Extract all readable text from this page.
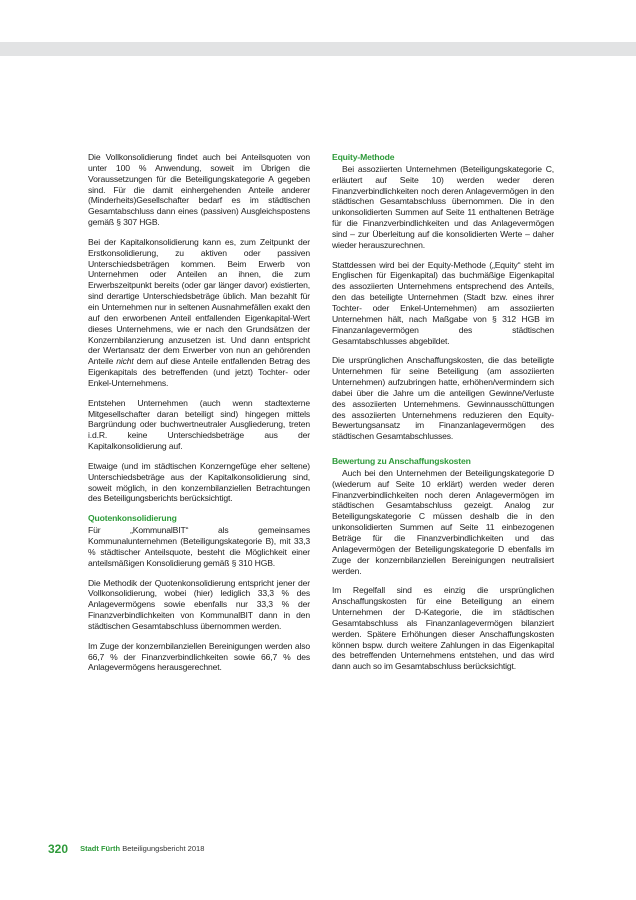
Die Vollkonsolidierung findet auch bei Anteilsquoten von unter 100 % Anwendung, soweit im Übrigen die Voraussetzungen für die Beteiligungskategorie A gegeben sind. Für die damit einhergehenden Anteile anderer (Minderheits)Gesellschafter bedarf es im städtischen Gesamtabschluss dann eines (passiven) Ausgleichspostens gemäß § 307 HGB.

Bei der Kapitalkonsolidierung kann es, zum Zeitpunkt der Erstkonsolidierung, zu aktiven oder passiven Unterschiedsbeträgen kommen. Beim Erwerb von Unternehmen oder Anteilen an ihnen, die zum Erwerbszeitpunkt bereits (oder gar länger davor) existierten, sind derartige Unterschiedsbeträge üblich. Man bezahlt für ein Unternehmen nur in seltenen Ausnahmefällen exakt den auf den erworbenen Anteil entfallenden Eigenkapital-Wert dieses Unternehmens, wie er nach den Grundsätzen der Konzernbilanzierung anzusetzen ist. Und dann entspricht der Wertansatz der dem Erwerber von nun an gehörenden Anteile nicht dem auf diese Anteile entfallenden Betrag des Eigenkapitals des betreffenden (und jetzt) Tochter- oder Enkel-Unternehmens.

Entstehen Unternehmen (auch wenn stadtexterne Mitgesellschafter daran beteiligt sind) hingegen mittels Bargründung oder buchwertneutraler Ausgliederung, treten i.d.R. keine Unterschiedsbeträge aus der Kapitalkonsolidierung auf.

Etwaige (und im städtischen Konzerngefüge eher seltene) Unterschiedsbeträge aus der Kapitalkonsolidierung sind, soweit möglich, in den konzernbilanziellen Betrachtungen des Beteiligungsberichts berücksichtigt.

Quotenkonsolidierung

Für „KommunalBIT“ als gemeinsames Kommunalunternehmen (Beteiligungskategorie B), mit 33,3 % städtischer Anteilsquote, besteht die Möglichkeit einer anteilsmäßigen Konsolidierung gemäß § 310 HGB.

Die Methodik der Quotenkonsolidierung entspricht jener der Vollkonsolidierung, wobei (hier) lediglich 33,3 % des Anlagevermögens sowie ebenfalls nur 33,3 % der Finanzverbindlichkeiten von KommunalBIT dann in den städtischen Gesamtabschluss übernommen werden.

Im Zuge der konzernbilanziellen Bereinigungen werden also 66,7 % der Finanzverbindlichkeiten sowie 66,7 % des Anlagevermögens herausgerechnet.

Equity-Methode

Bei assoziierten Unternehmen (Beteiligungskategorie C, erläutert auf Seite 10) werden weder deren Finanzverbindlichkeiten noch deren Anlagevermögen in den städtischen Gesamtabschluss übernommen. Die in den unkonsolidierten Summen auf Seite 11 enthaltenen Beträge für die Finanzverbindlichkeiten und das Anlagevermögen sind – zur Überleitung auf die konsolidierten Werte – daher wieder herauszurechnen.

Stattdessen wird bei der Equity-Methode („Equity“ steht im Englischen für Eigenkapital) das buchmäßige Eigenkapital des assoziierten Unternehmens entsprechend des Anteils, den das beteiligte Unternehmen (Stadt bzw. eines ihrer Tochter- oder Enkel-Unternehmen) am assoziierten Unternehmen hält, nach Maßgabe von § 312 HGB im Finanzanlagevermögen des städtischen Gesamtabschlusses abgebildet.

Die ursprünglichen Anschaffungskosten, die das beteiligte Unternehmen für seine Beteiligung (am assoziierten Unternehmen) aufzubringen hatte, erhöhen/vermindern sich dabei über die Jahre um die anteiligen Gewinne/Verluste des assoziierten Unternehmens. Gewinnausschüttungen des assoziierten Unternehmens reduzieren den Equity-Bewertungsansatz im Finanzanlagevermögen des städtischen Gesamtabschlusses.

Bewertung zu Anschaffungskosten

Auch bei den Unternehmen der Beteiligungskategorie D (wiederum auf Seite 10 erklärt) werden weder deren Finanzverbindlichkeiten noch deren Anlagevermögen im städtischen Gesamtabschluss gezeigt. Analog zur Beteiligungskategorie C müssen deshalb die in den unkonsolidierten Summen auf Seite 11 einbezogenen Beträge für die Finanzverbindlichkeiten und das Anlagevermögen der Beteiligungskategorie D ebenfalls im Zuge der konzernbilanziellen Bereinigungen neutralisiert werden.

Im Regelfall sind es einzig die ursprünglichen Anschaffungskosten für eine Beteiligung an einem Unternehmen der D-Kategorie, die im städtischen Gesamtabschluss als Finanzanlagevermögen bilanziert werden. Spätere Erhöhungen dieser Anschaffungskosten können bspw. durch weitere Zahlungen in das Eigenkapital des betreffenden Unternehmens entstehen, und das wird dann auch so im Gesamtabschluss berücksichtigt.

320 Stadt Fürth Beteiligungsbericht 2018
